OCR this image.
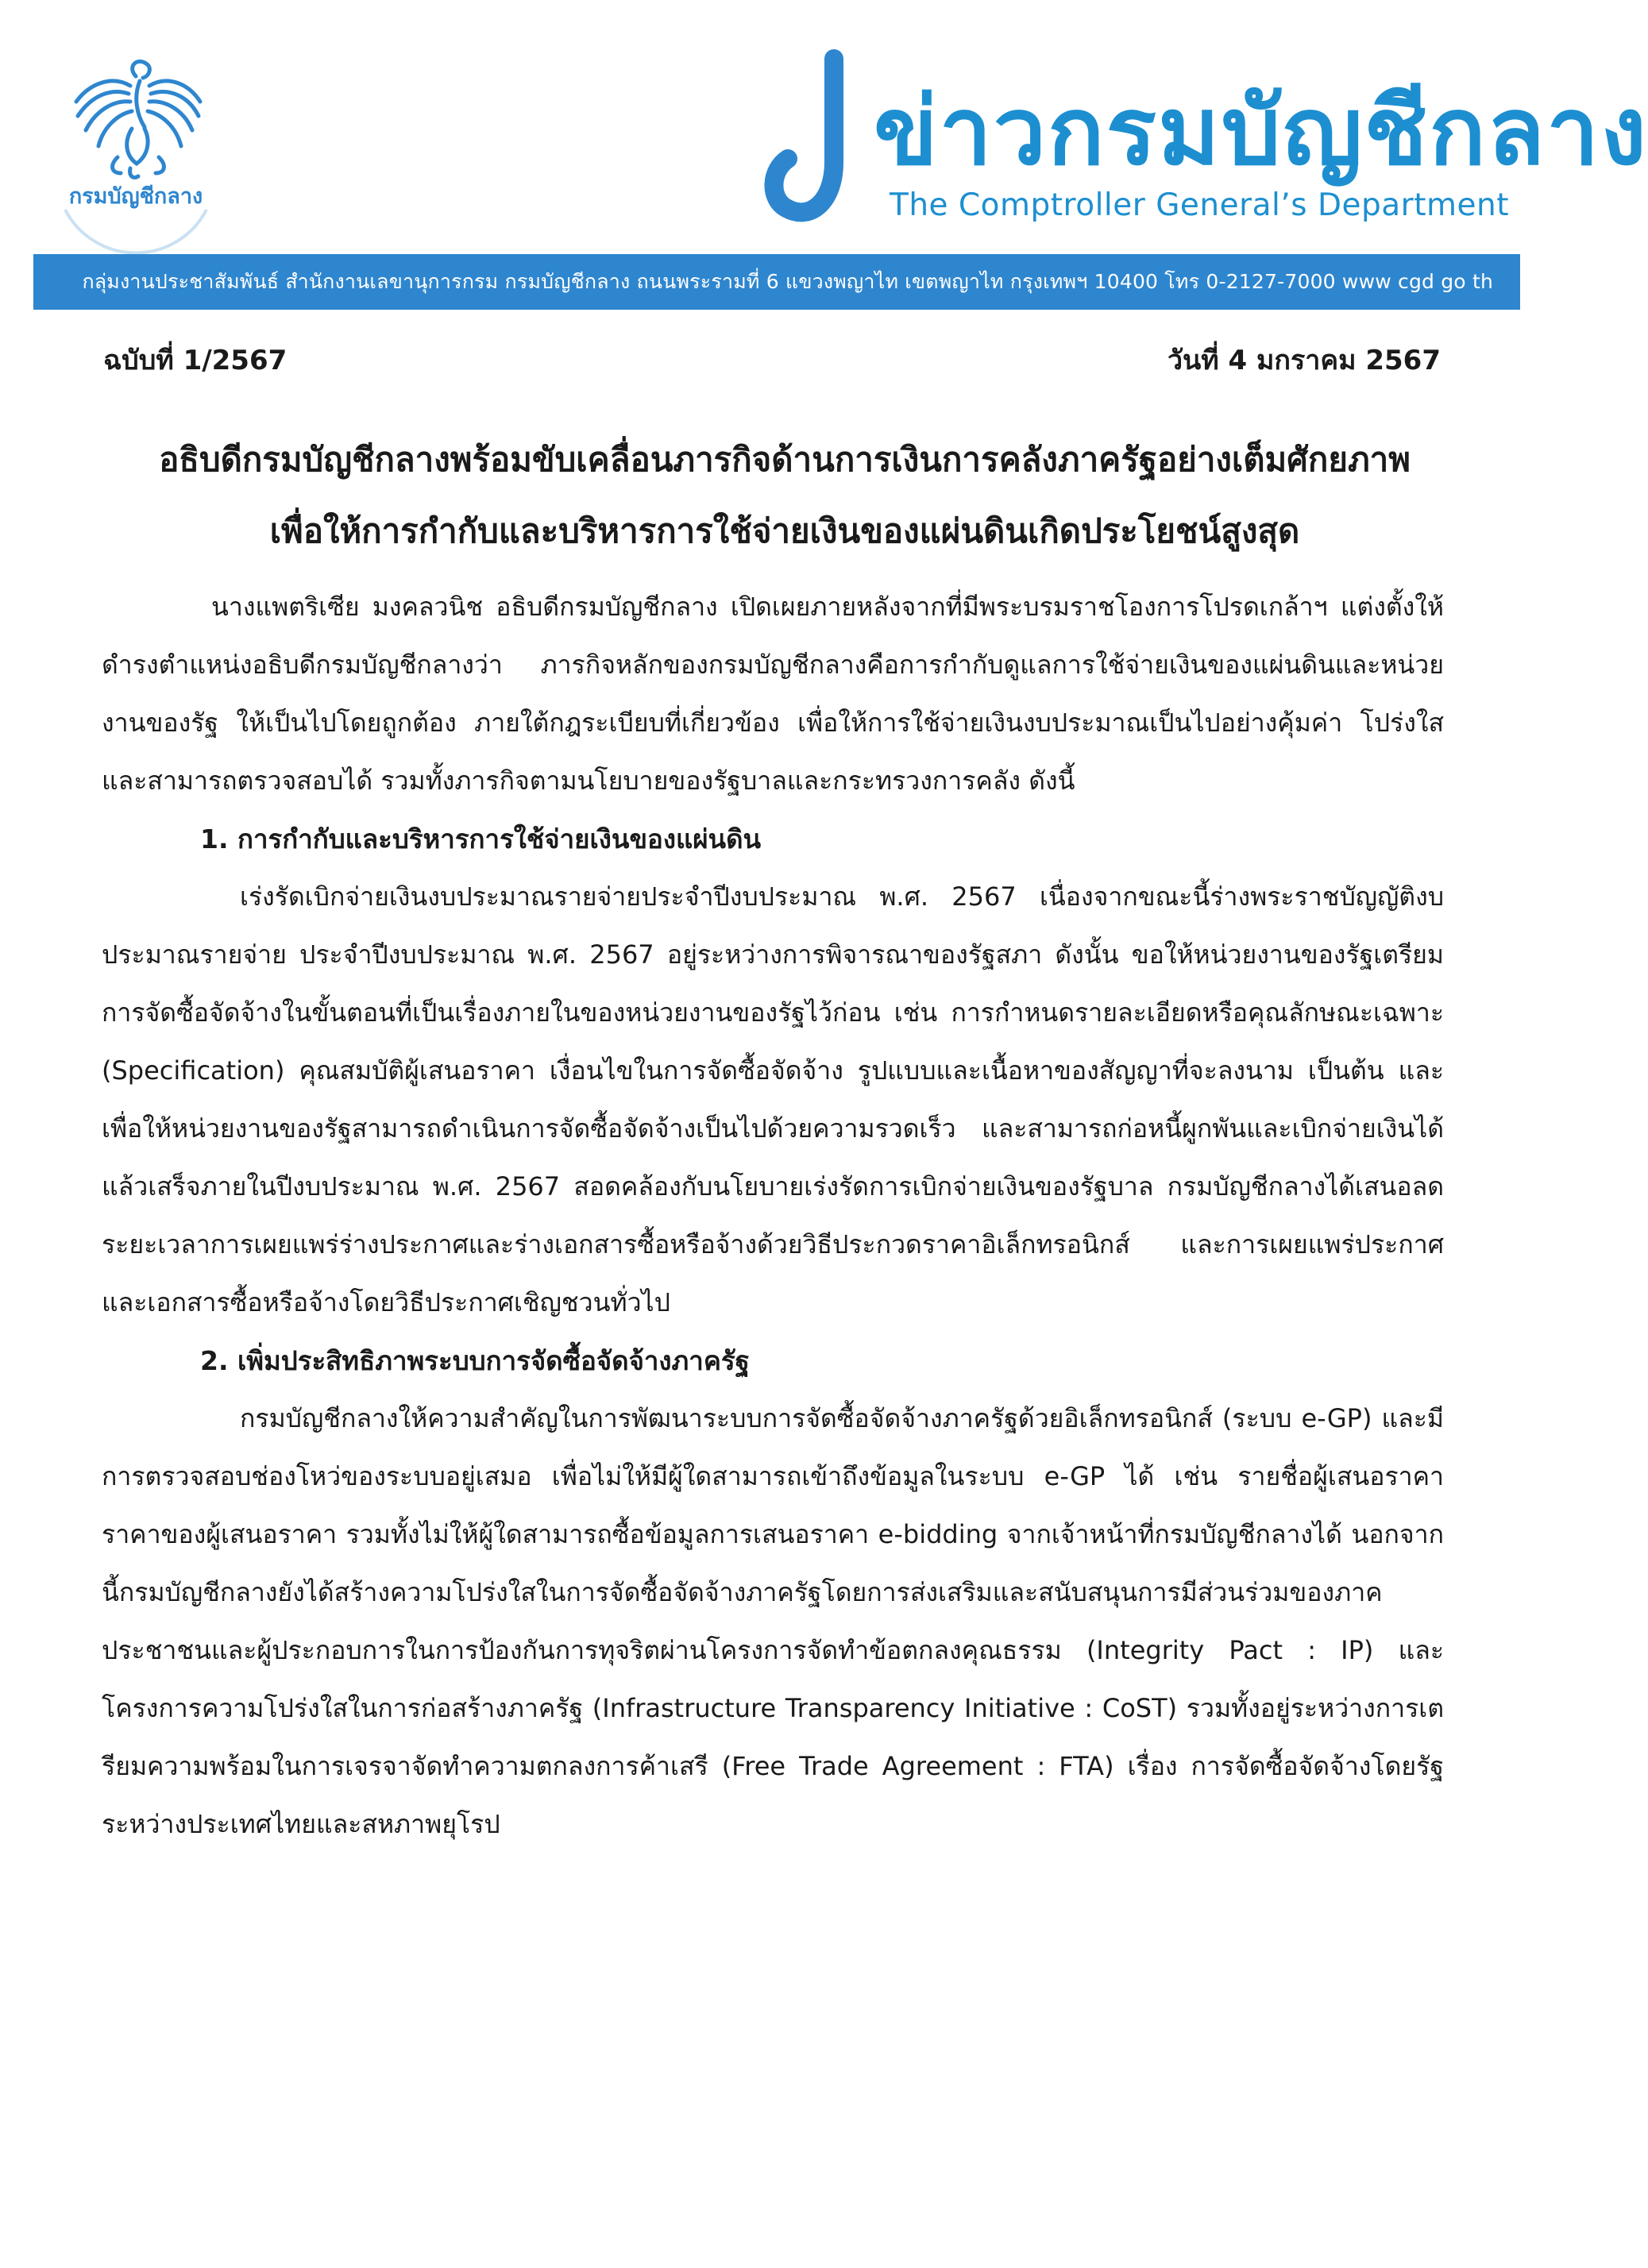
กรมบัญชีกลาง
ข่าวกรมบัญชีกลาง
The Comptroller General’s Department
กลุ่มงานประชาสัมพันธ์ สำนักงานเลขานุการกรม กรมบัญชีกลาง ถนนพระรามที่ 6 แขวงพญาไท เขตพญาไท กรุงเทพฯ 10400 โทร 0-2127-7000 www cgd go th
ฉบับที่ 1/2567	วันที่ 4 มกราคม 2567
อธิบดีกรมบัญชีกลางพร้อมขับเคลื่อนภารกิจด้านการเงินการคลังภาครัฐอย่างเต็มศักยภาพ
เพื่อให้การกำกับและบริหารการใช้จ่ายเงินของแผ่นดินเกิดประโยชน์สูงสุด

นางแพตริเซีย มงคลวนิช อธิบดีกรมบัญชีกลาง เปิดเผยภายหลังจากที่มีพระบรมราชโองการโปรดเกล้าฯ แต่งตั้งให้ดำรงตำแหน่งอธิบดีกรมบัญชีกลางว่า ภารกิจหลักของกรมบัญชีกลางคือการกำกับดูแลการใช้จ่ายเงินของแผ่นดินและหน่วยงานของรัฐ ให้เป็นไปโดยถูกต้อง ภายใต้กฎระเบียบที่เกี่ยวข้อง เพื่อให้การใช้จ่ายเงินงบประมาณเป็นไปอย่างคุ้มค่า โปร่งใส และสามารถตรวจสอบได้ รวมทั้งภารกิจตามนโยบายของรัฐบาลและกระทรวงการคลัง ดังนี้

1. การกำกับและบริหารการใช้จ่ายเงินของแผ่นดิน

เร่งรัดเบิกจ่ายเงินงบประมาณรายจ่ายประจำปีงบประมาณ พ.ศ. 2567 เนื่องจากขณะนี้ร่างพระราชบัญญัติงบประมาณรายจ่าย ประจำปีงบประมาณ พ.ศ. 2567 อยู่ระหว่างการพิจารณาของรัฐสภา ดังนั้น ขอให้หน่วยงานของรัฐเตรียมการจัดซื้อจัดจ้างในขั้นตอนที่เป็นเรื่องภายในของหน่วยงานของรัฐไว้ก่อน เช่น การกำหนดรายละเอียดหรือคุณลักษณะเฉพาะ (Specification) คุณสมบัติผู้เสนอราคา เงื่อนไขในการจัดซื้อจัดจ้าง รูปแบบและเนื้อหาของสัญญาที่จะลงนาม เป็นต้น และเพื่อให้หน่วยงานของรัฐสามารถดำเนินการจัดซื้อจัดจ้างเป็นไปด้วยความรวดเร็ว และสามารถก่อหนี้ผูกพันและเบิกจ่ายเงินได้แล้วเสร็จภายในปีงบประมาณ พ.ศ. 2567 สอดคล้องกับนโยบายเร่งรัดการเบิกจ่ายเงินของรัฐบาล กรมบัญชีกลางได้เสนอลดระยะเวลาการเผยแพร่ร่างประกาศและร่างเอกสารซื้อหรือจ้างด้วยวิธีประกวดราคาอิเล็กทรอนิกส์ และการเผยแพร่ประกาศและเอกสารซื้อหรือจ้างโดยวิธีประกาศเชิญชวนทั่วไป

2. เพิ่มประสิทธิภาพระบบการจัดซื้อจัดจ้างภาครัฐ

กรมบัญชีกลางให้ความสำคัญในการพัฒนาระบบการจัดซื้อจัดจ้างภาครัฐด้วยอิเล็กทรอนิกส์ (ระบบ e-GP) และมีการตรวจสอบช่องโหว่ของระบบอยู่เสมอ เพื่อไม่ให้มีผู้ใดสามารถเข้าถึงข้อมูลในระบบ e-GP ได้ เช่น รายชื่อผู้เสนอราคา ราคาของผู้เสนอราคา รวมทั้งไม่ให้ผู้ใดสามารถซื้อข้อมูลการเสนอราคา e-bidding จากเจ้าหน้าที่กรมบัญชีกลางได้ นอกจากนี้กรมบัญชีกลางยังได้สร้างความโปร่งใสในการจัดซื้อจัดจ้างภาครัฐโดยการส่งเสริมและสนับสนุนการมีส่วนร่วมของภาคประชาชนและผู้ประกอบการในการป้องกันการทุจริตผ่านโครงการจัดทำข้อตกลงคุณธรรม (Integrity Pact : IP) และโครงการความโปร่งใสในการก่อสร้างภาครัฐ (Infrastructure Transparency Initiative : CoST) รวมทั้งอยู่ระหว่างการเตรียมความพร้อมในการเจรจาจัดทำความตกลงการค้าเสรี (Free Trade Agreement : FTA) เรื่อง การจัดซื้อจัดจ้างโดยรัฐ ระหว่างประเทศไทยและสหภาพยุโรป
